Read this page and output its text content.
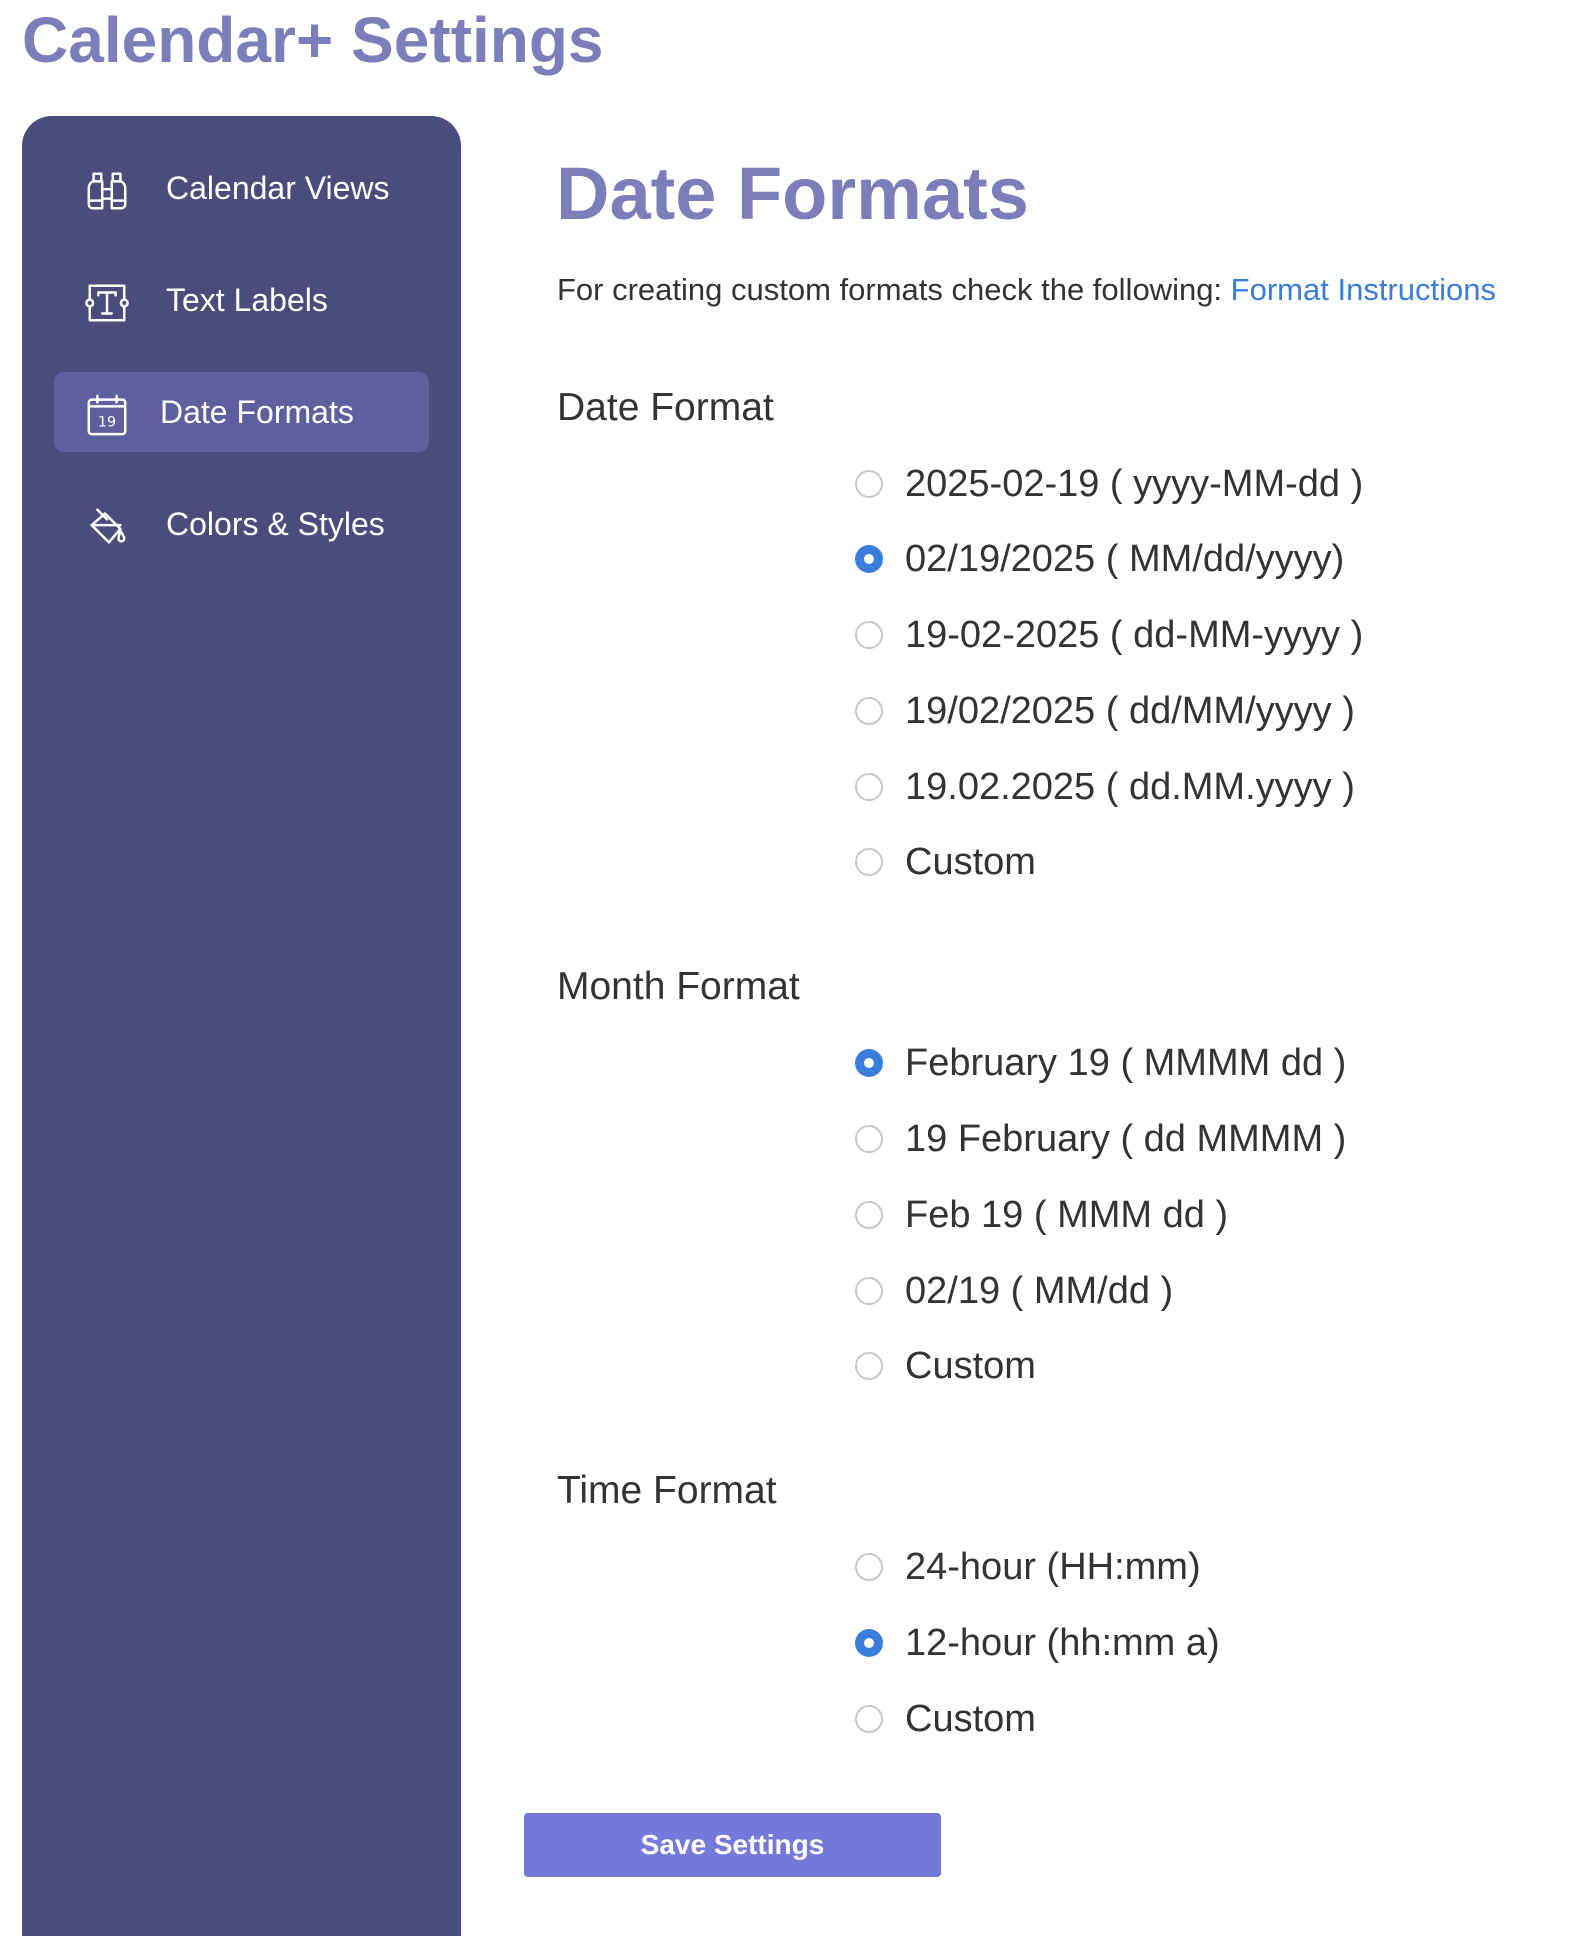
Calendar+ Settings
Calendar Views
Text Labels
19 Date Formats
Colors & Styles
Date Formats
For creating custom formats check the following: Format Instructions
Date Format
2025-02-19 ( yyyy-MM-dd )
02/19/2025 ( MM/dd/yyyy)
19-02-2025 ( dd-MM-yyyy )
19/02/2025 ( dd/MM/yyyy )
19.02.2025 ( dd.MM.yyyy )
Custom
Month Format
February 19 ( MMMM dd )
19 February ( dd MMMM )
Feb 19 ( MMM dd )
02/19 ( MM/dd )
Custom
Time Format
24-hour (HH:mm)
12-hour (hh:mm a)
Custom
Save Settings
